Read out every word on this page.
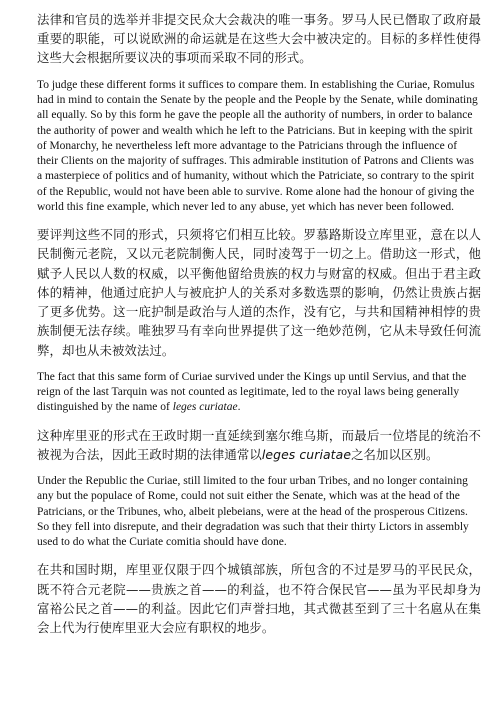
法律和官员的选举并非提交民众大会裁决的唯一事务。罗马人民已僭取了政府最重要的职能，可以说欧洲的命运就是在这些大会中被决定的。目标的多样性使得这些大会根据所要议决的事项而采取不同的形式。

To judge these different forms it suffices to compare them. In establishing the Curiae, Romulus had in mind to contain the Senate by the people and the People by the Senate, while dominating all equally. So by this form he gave the people all the authority of numbers, in order to balance the authority of power and wealth which he left to the Patricians. But in keeping with the spirit of Monarchy, he nevertheless left more advantage to the Patricians through the influence of their Clients on the majority of suffrages. This admirable institution of Patrons and Clients was a masterpiece of politics and of humanity, without which the Patriciate, so contrary to the spirit of the Republic, would not have been able to survive. Rome alone had the honour of giving the world this fine example, which never led to any abuse, yet which has never been followed.

要评判这些不同的形式，只须将它们相互比较。罗慕路斯设立库里亚，意在以人民制衡元老院，又以元老院制衡人民，同时凌驾于一切之上。借助这一形式，他赋予人民以人数的权威，以平衡他留给贵族的权力与财富的权威。但出于君主政体的精神，他通过庇护人与被庇护人的关系对多数选票的影响，仍然让贵族占据了更多优势。这一庇护制是政治与人道的杰作，没有它，与共和国精神相悖的贵族制便无法存续。唯独罗马有幸向世界提供了这一绝妙范例，它从未导致任何流弊，却也从未被效法过。

The fact that this same form of Curiae survived under the Kings up until Servius, and that the reign of the last Tarquin was not counted as legitimate, led to the royal laws being generally distinguished by the name of leges curiatae.

这种库里亚的形式在王政时期一直延续到塞尔维乌斯，而最后一位塔昆的统治不被视为合法，因此王政时期的法律通常以leges curiatae之名加以区别。

Under the Republic the Curiae, still limited to the four urban Tribes, and no longer containing any but the populace of Rome, could not suit either the Senate, which was at the head of the Patricians, or the Tribunes, who, albeit plebeians, were at the head of the prosperous Citizens. So they fell into disrepute, and their degradation was such that their thirty Lictors in assembly used to do what the Curiate comitia should have done.

在共和国时期，库里亚仅限于四个城镇部族，所包含的不过是罗马的平民民众，既不符合元老院——贵族之首——的利益，也不符合保民官——虽为平民却身为富裕公民之首——的利益。因此它们声誉扫地，其式微甚至到了三十名扈从在集会上代为行使库里亚大会应有职权的地步。
